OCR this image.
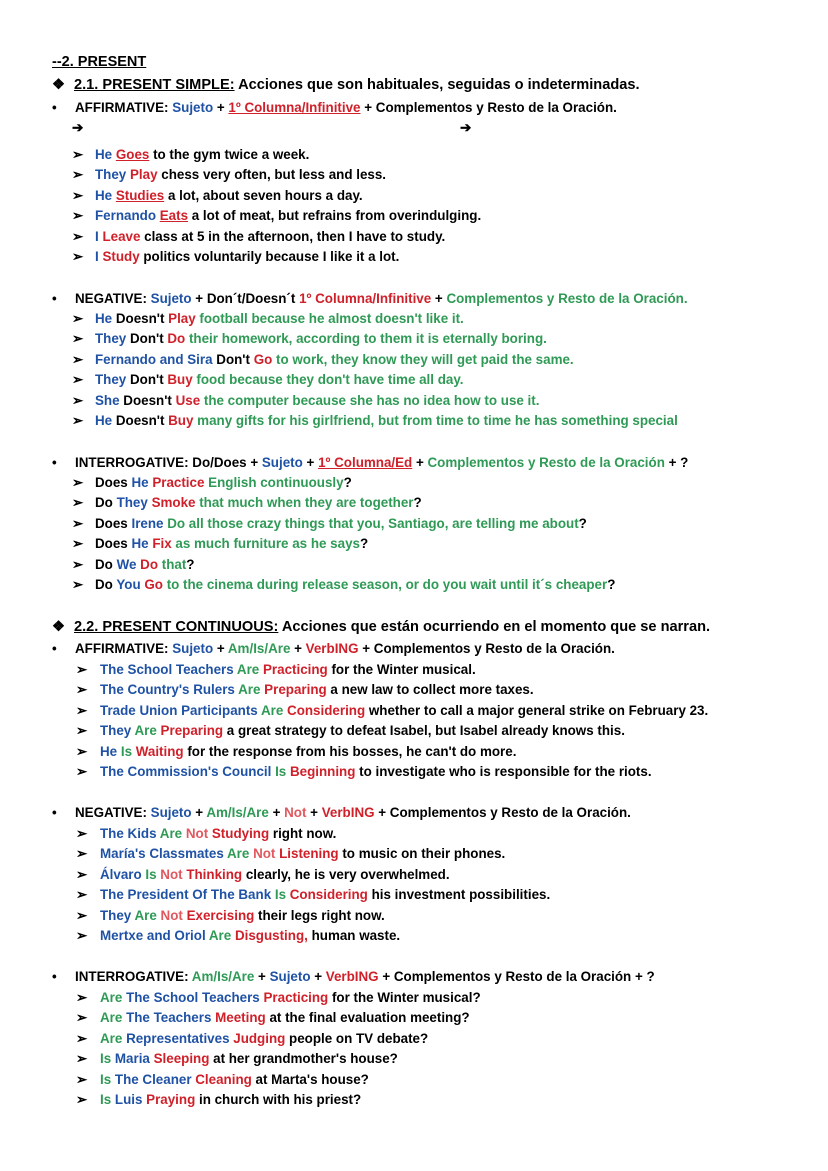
--2. PRESENT
❖ 2.1. PRESENT SIMPLE: Acciones que son habituales, seguidas o indeterminadas.
• AFFIRMATIVE: Sujeto + 1º Columna/Infinitive + Complementos y Resto de la Oración.
➔	➔
• NEGATIVE: Sujeto + Don´t/Doesn´t 1º Columna/Infinitive + Complementos y Resto de la Oración.
• INTERROGATIVE: Do/Does + Sujeto + 1º Columna/Ed + Complementos y Resto de la Oración + ?
❖ 2.2. PRESENT CONTINUOUS: Acciones que están ocurriendo en el momento que se narran.
• AFFIRMATIVE: Sujeto + Am/Is/Are + VerbING + Complementos y Resto de la Oración.
• NEGATIVE: Sujeto + Am/Is/Are + Not + VerbING + Complementos y Resto de la Oración.
• INTERROGATIVE: Am/Is/Are + Sujeto + VerbING + Complementos y Resto de la Oración + ?
➢ He Goes to the gym twice a week.
➢ They Play chess very often, but less and less.
➢ He Studies a lot, about seven hours a day.
➢ Fernando Eats a lot of meat, but refrains from overindulging.
➢ I Leave class at 5 in the afternoon, then I have to study.
➢ I Study politics voluntarily because I like it a lot.
➢ He Doesn't Play football because he almost doesn't like it.
➢ They Don't Do their homework, according to them it is eternally boring.
➢ Fernando and Sira Don't Go to work, they know they will get paid the same.
➢ They Don't Buy food because they don't have time all day.
➢ She Doesn't Use the computer because she has no idea how to use it.
➢ He Doesn't Buy many gifts for his girlfriend, but from time to time he has something special
➢ Does He Practice English continuously?
➢ Do They Smoke that much when they are together?
➢ Does Irene Do all those crazy things that you, Santiago, are telling me about?
➢ Does He Fix as much furniture as he says?
➢ Do We Do that?
➢ Do You Go to the cinema during release season, or do you wait until it´s cheaper?
➢ The School Teachers Are Practicing for the Winter musical.
➢ The Country's Rulers Are Preparing a new law to collect more taxes.
➢ Trade Union Participants Are Considering whether to call a major general strike on February 23.
➢ They Are Preparing a great strategy to defeat Isabel, but Isabel already knows this.
➢ He Is Waiting for the response from his bosses, he can't do more.
➢ The Commission's Council Is Beginning to investigate who is responsible for the riots.
➢ The Kids Are Not Studying right now.
➢ María's Classmates Are Not Listening to music on their phones.
➢ Álvaro Is Not Thinking clearly, he is very overwhelmed.
➢ The President Of The Bank Is Considering his investment possibilities.
➢ They Are Not Exercising their legs right now.
➢ Mertxe and Oriol Are Disgusting, human waste.
➢ Are The School Teachers Practicing for the Winter musical?
➢ Are The Teachers Meeting at the final evaluation meeting?
➢ Are Representatives Judging people on TV debate?
➢ Is Maria Sleeping at her grandmother's house?
➢ Is The Cleaner Cleaning at Marta's house?
➢ Is Luis Praying in church with his priest?
